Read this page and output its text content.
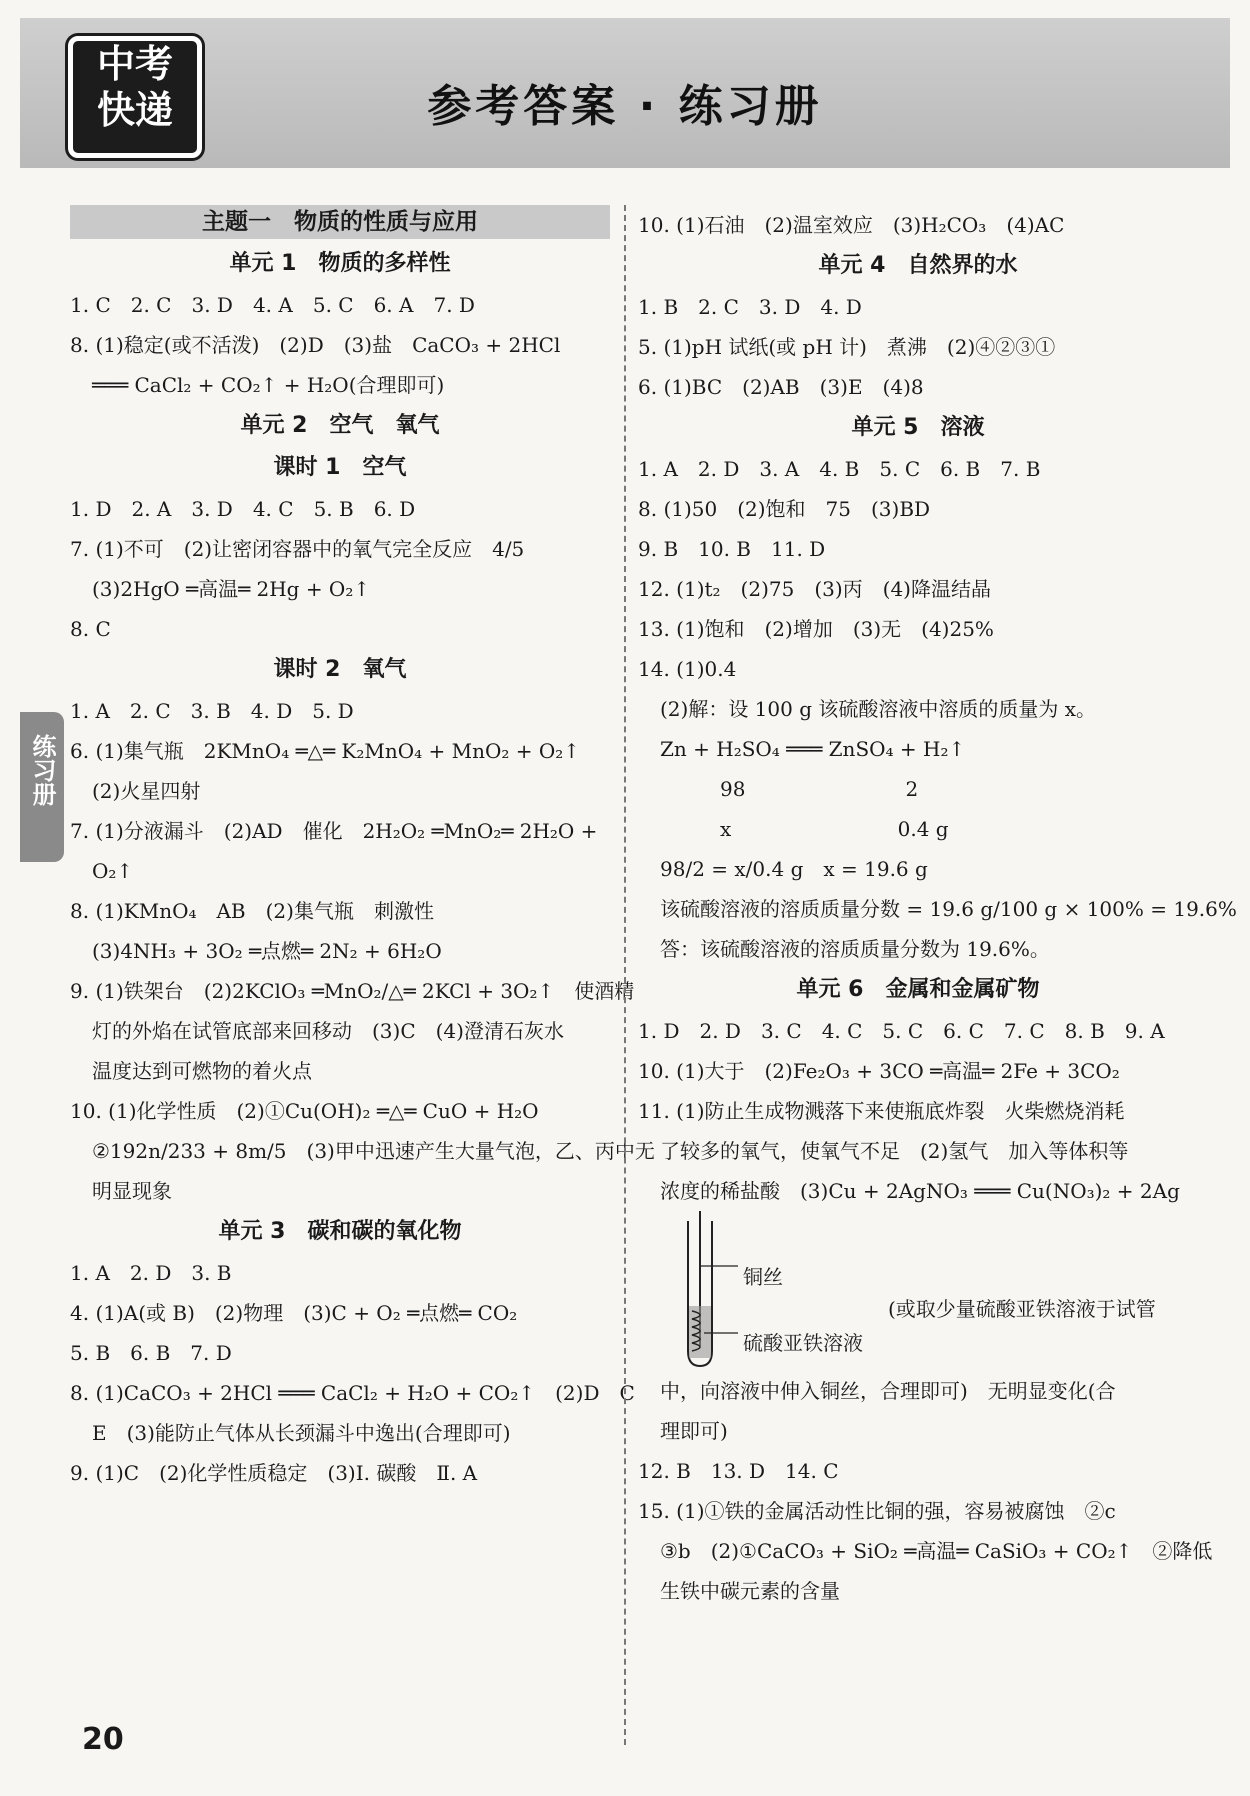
中考
快递	参考答案 · 练习册
主题一　物质的性质与应用
单元 1　物质的多样性
1. C　2. C　3. D　4. A　5. C　6. A　7. D
8. (1)稳定(或不活泼)　(2)D　(3)盐　CaCO₃ + 2HCl
═══ CaCl₂ + CO₂↑ + H₂O(合理即可)
单元 2　空气　氧气
课时 1　空气
1. D　2. A　3. D　4. C　5. B　6. D
7. (1)不可　(2)让密闭容器中的氧气完全反应　4/5
(3)2HgO ═高温═ 2Hg + O₂↑
8. C
课时 2　氧气
1. A　2. C　3. B　4. D　5. D
6. (1)集气瓶　2KMnO₄ ═△═ K₂MnO₄ + MnO₂ + O₂↑
(2)火星四射
7. (1)分液漏斗　(2)AD　催化　2H₂O₂ ═MnO₂═ 2H₂O +
O₂↑
8. (1)KMnO₄　AB　(2)集气瓶　刺激性
(3)4NH₃ + 3O₂ ═点燃═ 2N₂ + 6H₂O
9. (1)铁架台　(2)2KClO₃ ═MnO₂/△═ 2KCl + 3O₂↑　使酒精
灯的外焰在试管底部来回移动　(3)C　(4)澄清石灰水
温度达到可燃物的着火点
10. (1)化学性质　(2)①Cu(OH)₂ ═△═ CuO + H₂O
②192n/233 + 8m/5　(3)甲中迅速产生大量气泡，乙、丙中无
明显现象
单元 3　碳和碳的氧化物
1. A　2. D　3. B
4. (1)A(或 B)　(2)物理　(3)C + O₂ ═点燃═ CO₂
5. B　6. B　7. D
8. (1)CaCO₃ + 2HCl ═══ CaCl₂ + H₂O + CO₂↑　(2)D　C
E　(3)能防止气体从长颈漏斗中逸出(合理即可)
9. (1)C　(2)化学性质稳定　(3)Ⅰ. 碳酸　Ⅱ. A
10. (1)石油　(2)温室效应　(3)H₂CO₃　(4)AC
单元 4　自然界的水
1. B　2. C　3. D　4. D
5. (1)pH 试纸(或 pH 计)　煮沸　(2)④②③①
6. (1)BC　(2)AB　(3)E　(4)8
单元 5　溶液
1. A　2. D　3. A　4. B　5. C　6. B　7. B
8. (1)50　(2)饱和　75　(3)BD
9. B　10. B　11. D
12. (1)t₂　(2)75　(3)丙　(4)降温结晶
13. (1)饱和　(2)增加　(3)无　(4)25%
14. (1)0.4
(2)解：设 100 g 该硫酸溶液中溶质的质量为 x。
Zn + H₂SO₄ ═══ ZnSO₄ + H₂↑
　　　98　　　　　　　　2
　　　x　　　　　　　　 0.4 g
98/2 = x/0.4 g　x = 19.6 g
该硫酸溶液的溶质质量分数 = 19.6 g/100 g × 100% = 19.6%
答：该硫酸溶液的溶质质量分数为 19.6%。
单元 6　金属和金属矿物
1. D　2. D　3. C　4. C　5. C　6. C　7. C　8. B　9. A
10. (1)大于　(2)Fe₂O₃ + 3CO ═高温═ 2Fe + 3CO₂
11. (1)防止生成物溅落下来使瓶底炸裂　火柴燃烧消耗
了较多的氧气，使氧气不足　(2)氢气　加入等体积等
浓度的稀盐酸　(3)Cu + 2AgNO₃ ═══ Cu(NO₃)₂ + 2Ag
铜丝
硫酸亚铁溶液
(或取少量硫酸亚铁溶液于试管
中，向溶液中伸入铜丝，合理即可)　无明显变化(合
理即可)
12. B　13. D　14. C
15. (1)①铁的金属活动性比铜的强，容易被腐蚀　②c
③b　(2)①CaCO₃ + SiO₂ ═高温═ CaSiO₃ + CO₂↑　②降低
生铁中碳元素的含量
练习册
20
